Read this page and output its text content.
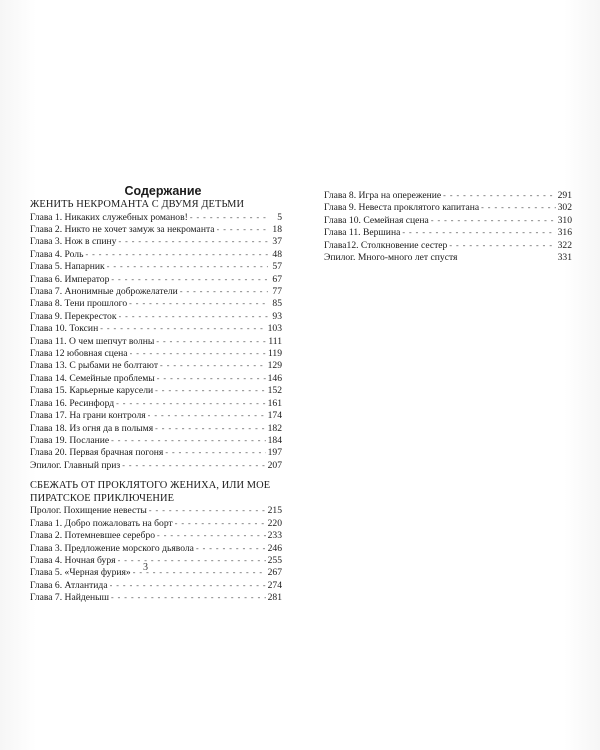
Содержание
ЖЕНИТЬ НЕКРОМАНТА С ДВУМЯ ДЕТЬМИ
Глава 1. Никаких служебных романов! - - -	5
Глава 2. Никто не хочет замуж за некроманта - - -	18
Глава 3. Нож в спину - - -	37
Глава 4. Роль - - -	48
Глава 5. Напарник - - -	57
Глава 6. Император - - -	67
Глава 7. Анонимные доброжелатели - - -	77
Глава 8. Тени прошлого - - -	85
Глава 9. Перекресток - - -	93
Глава 10. Токсин - - -	103
Глава 11. О чем шепчут волны - - -	111
Глава 12 юбовная сцена - - -	119
Глава 13. С рыбами не болтают - - -	129
Глава 14. Семейные проблемы - - -	146
Глава 15. Карьерные карусели - - -	152
Глава 16. Ресинфорд - - -	161
Глава 17. На грани контроля - - -	174
Глава 18. Из огня да в полымя - - -	182
Глава 19. Послание - - -	184
Глава 20. Первая брачная погоня - - -	197
Эпилог. Главный приз - - -	207
СБЕЖАТЬ ОТ ПРОКЛЯТОГО ЖЕНИХА, ИЛИ МОЕ
ПИРАТСКОЕ ПРИКЛЮЧЕНИЕ
Пролог. Похищение невесты - - -	215
Глава 1. Добро пожаловать на борт - - -	220
Глава 2. Потемневшее серебро - - -	233
Глава 3. Предложение морского дьявола - - -	246
Глава 4. Ночная буря - - -	255
Глава 5. «Черная фурия» - - -	267
Глава 6. Атлантида - - -	274
Глава 7. Найденыш - - -	281
Глава 8. Игра на опережение - - -	291
Глава 9. Невеста проклятого капитана - - -	302
Глава 10. Семейная сцена - - -	310
Глава 11. Вершина - - -	316
Глава12. Столкновение сестер - - -	322
Эпилог. Много-много лет спустя	331
3
